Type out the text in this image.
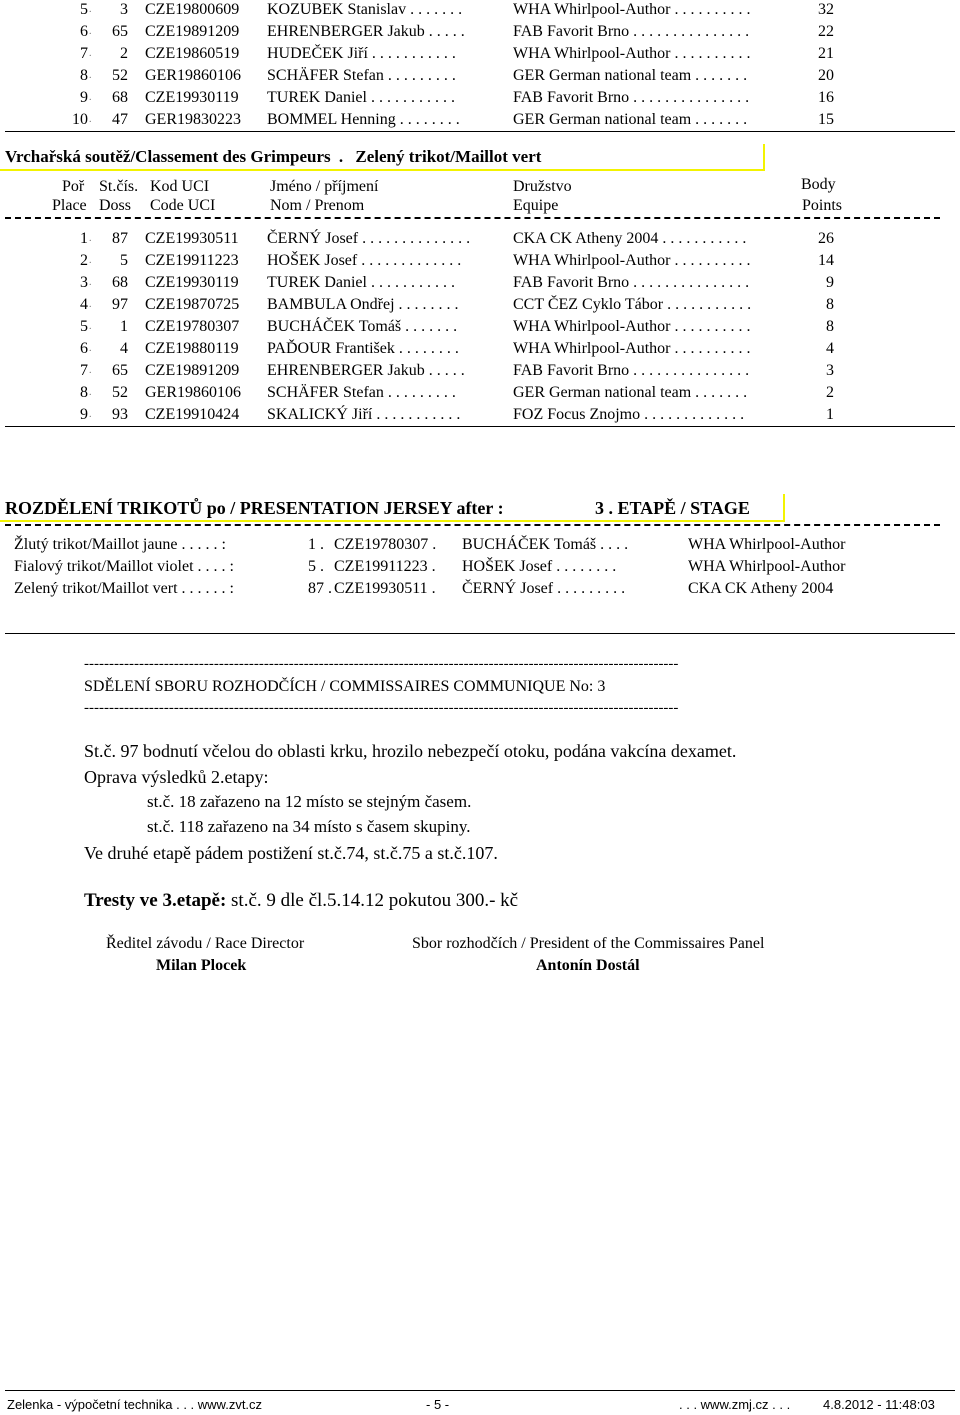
5	3 CZE19800609 KOZUBEK Stanislav . . . . . . .	WHA Whirlpool-Author . . . . . . . . . .	32
.
6	65 CZE19891209 EHRENBERGER Jakub . . . . .	FAB Favorit Brno . . . . . . . . . . . . . . .	22
.
7	2 CZE19860519 HUDEČEK Jiří . . . . . . . . . . .	WHA Whirlpool-Author . . . . . . . . . .	21
.
8	52 GER19860106 SCHÄFER Stefan . . . . . . . . .	GER German national team . . . . . . .	20
.
9	68 CZE19930119 TUREK Daniel . . . . . . . . . . .	FAB Favorit Brno . . . . . . . . . . . . . . .	16
.
10	47 GER19830223 BOMMEL Henning . . . . . . . .	GER German national team . . . . . . .	15
.
Vrchařská soutěž/Classement des Grimpeurs . Zelený trikot/Maillot vert
Poř St.čís. Kod UCI	Jméno / příjmení	Družstvo	Body
Place Doss Code UCI	Nom / Prenom	Equipe	Points
1	87 CZE19930511 ČERNÝ Josef . . . . . . . . . . . . . .	CKA CK Atheny 2004 . . . . . . . . . . .	26
.
2	5 CZE19911223 HOŠEK Josef . . . . . . . . . . . . .	WHA Whirlpool-Author . . . . . . . . . .	14
.
3	68 CZE19930119 TUREK Daniel . . . . . . . . . . .	FAB Favorit Brno . . . . . . . . . . . . . . .	9
.
4	97 CZE19870725 BAMBULA Ondřej . . . . . . . .	CCT ČEZ Cyklo Tábor . . . . . . . . . . .	8
.
5	1 CZE19780307 BUCHÁČEK Tomáš . . . . . . .	WHA Whirlpool-Author . . . . . . . . . .	8
.
6	4 CZE19880119 PAĎOUR František . . . . . . . .	WHA Whirlpool-Author . . . . . . . . . .	4
.
7	65 CZE19891209 EHRENBERGER Jakub . . . . .	FAB Favorit Brno . . . . . . . . . . . . . . .	3
.
8	52 GER19860106 SCHÄFER Stefan . . . . . . . . .	GER German national team . . . . . . .	2
.
9	93 CZE19910424 SKALICKÝ Jiří . . . . . . . . . . .	FOZ Focus Znojmo . . . . . . . . . . . . .	1
.
ROZDĚLENÍ TRIKOTŮ po / PRESENTATION JERSEY after :	3 . ETAPĚ / STAGE
Žlutý trikot/Maillot jaune . . . . . :	1 . CZE19780307 . BUCHÁČEK Tomáš . . . .	WHA Whirlpool-Author
Fialový trikot/Maillot violet . . . . :	5 . CZE19911223 . HOŠEK Josef . . . . . . . .	WHA Whirlpool-Author
Zelený trikot/Maillot vert . . . . . . :	87 . CZE19930511 . ČERNÝ Josef . . . . . . . . .	CKA CK Atheny 2004
-----------------------------------------------------------------------------------------------------------------------
SDĚLENÍ SBORU ROZHODČÍCH / COMMISSAIRES COMMUNIQUE No: 3
-----------------------------------------------------------------------------------------------------------------------
St.č. 97 bodnutí včelou do oblasti krku, hrozilo nebezpečí otoku, podána vakcína dexamet.
Oprava výsledků 2.etapy:
st.č. 18 zařazeno na 12 místo se stejným časem.
st.č. 118 zařazeno na 34 místo s časem skupiny.
Ve druhé etapě pádem postižení st.č.74, st.č.75 a st.č.107.
Tresty ve 3.etapě: st.č. 9 dle čl.5.14.12 pokutou 300.- kč
Ředitel závodu / Race Director
Milan Plocek
Sbor rozhodčích / President of the Commissaires Panel
Antonín Dostál
Zelenka - výpočetní technika . . . www.zvt.cz	- 5 -	. . . www.zmj.cz . . .	4.8.2012 - 11:48:03
